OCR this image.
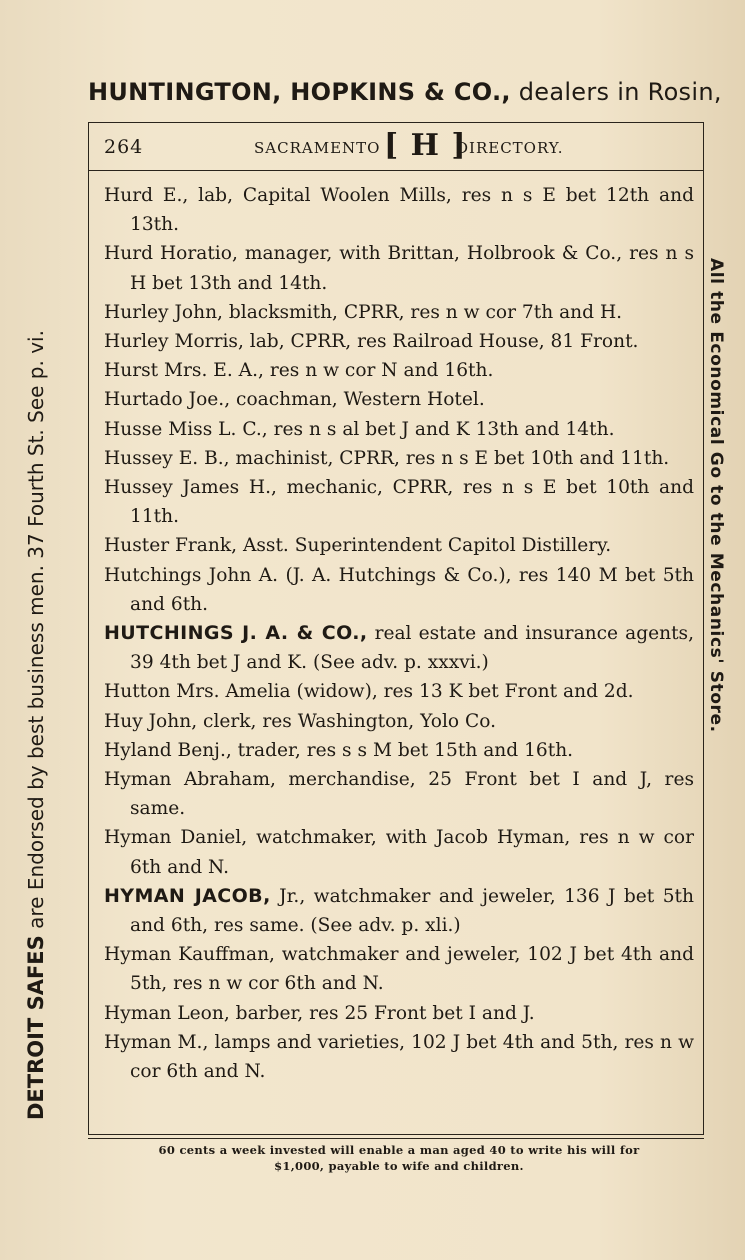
HUNTINGTON, HOPKINS & CO., dealers in Rosin,
DETROIT SAFES are Endorsed by best business men. 37 Fourth St. See p. vi.	All the Economical Go to the Mechanics' Store.
264	SACRAMENTO [ H ]
DIRECTORY.
Hurd E., lab, Capital Woolen Mills, res n s E bet 12th and 13th.
Hurd Horatio, manager, with Brittan, Holbrook & Co., res n s H bet 13th and 14th.
Hurley John, blacksmith, CPRR, res n w cor 7th and H.
Hurley Morris, lab, CPRR, res Railroad House, 81 Front.
Hurst Mrs. E. A., res n w cor N and 16th.
Hurtado Joe., coachman, Western Hotel.
Husse Miss L. C., res n s al bet J and K 13th and 14th.
Hussey E. B., machinist, CPRR, res n s E bet 10th and 11th.
Hussey James H., mechanic, CPRR, res n s E bet 10th and 11th.
Huster Frank, Asst. Superintendent Capitol Distillery.
Hutchings John A. (J. A. Hutchings & Co.), res 140 M bet 5th and 6th.
HUTCHINGS J. A. & CO., real estate and insurance agents, 39 4th bet J and K. (See adv. p. xxxvi.)
Hutton Mrs. Amelia (widow), res 13 K bet Front and 2d.
Huy John, clerk, res Washington, Yolo Co.
Hyland Benj., trader, res s s M bet 15th and 16th.
Hyman Abraham, merchandise, 25 Front bet I and J, res same.
Hyman Daniel, watchmaker, with Jacob Hyman, res n w cor 6th and N.
HYMAN JACOB, Jr., watchmaker and jeweler, 136 J bet 5th and 6th, res same. (See adv. p. xli.)
Hyman Kauffman, watchmaker and jeweler, 102 J bet 4th and 5th, res n w cor 6th and N.
Hyman Leon, barber, res 25 Front bet I and J.
Hyman M., lamps and varieties, 102 J bet 4th and 5th, res n w cor 6th and N.
60 cents a week invested will enable a man aged 40 to write his will for
$1,000, payable to wife and children.
